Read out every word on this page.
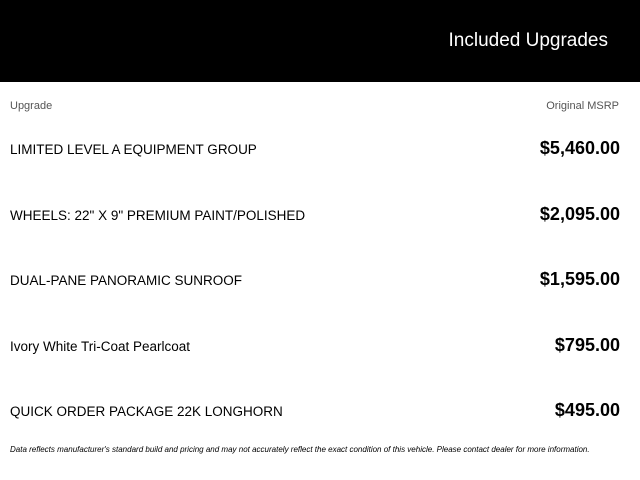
Included Upgrades
Upgrade	Original MSRP
LIMITED LEVEL A EQUIPMENT GROUP	$5,460.00
WHEELS: 22" X 9" PREMIUM PAINT/POLISHED	$2,095.00
DUAL-PANE PANORAMIC SUNROOF	$1,595.00
Ivory White Tri-Coat Pearlcoat	$795.00
QUICK ORDER PACKAGE 22K LONGHORN	$495.00
Data reflects manufacturer's standard build and pricing and may not accurately reflect the exact condition of this vehicle. Please contact dealer for more information.
